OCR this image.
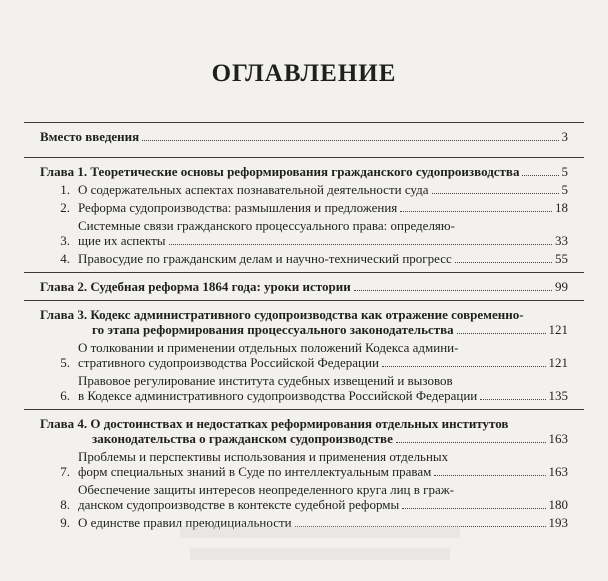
ОГЛАВЛЕНИЕ
Вместо введения	3
Глава 1. Теоретические основы реформирования гражданского судопроизводства	5
1. О содержательных аспектах познавательной деятельности суда	5
2. Реформа судопроизводства: размышления и предложения	18
3.
Системные связи гражданского процессуального права: определяю-
щие их аспекты	33
4. Правосудие по гражданским делам и научно-технический прогресс	55
Глава 2. Судебная реформа 1864 года: уроки истории	99
Глава 3. Кодекс административного судопроизводства как отражение современно-
го этапа реформирования процессуального законодательства	121
5.
О толковании и применении отдельных положений Кодекса админи-
стративного судопроизводства Российской Федерации	121
6.
Правовое регулирование института судебных извещений и вызовов
в Кодексе административного судопроизводства Российской Федерации	135
Глава 4. О достоинствах и недостатках реформирования отдельных институтов
законодательства о гражданском судопроизводстве	163
7.
Проблемы и перспективы использования и применения отдельных
форм специальных знаний в Суде по интеллектуальным правам	163
8.
Обеспечение защиты интересов неопределенного круга лиц в граж-
данском судопроизводстве в контексте судебной реформы	180
9. О единстве правил преюдициальности	193
